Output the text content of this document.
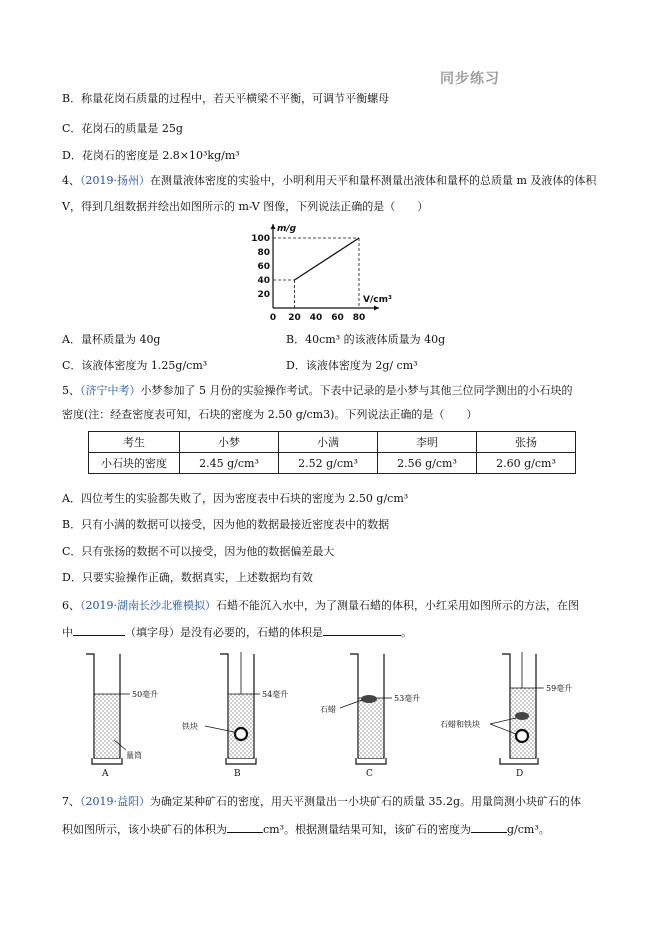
同步练习
B．称量花岗石质量的过程中，若天平横梁不平衡，可调节平衡螺母
C．花岗石的质量是 25g
D．花岗石的密度是 2.8×10³kg/m³
4、（2019·扬州）在测量液体密度的实验中，小明利用天平和量杯测量出液体和量杯的总质量 m 及液体的体积
V，得到几组数据并绘出如图所示的 m-V 图像，下列说法正确的是（　　）
m/g
V/cm³
0 20 40 60 80
20
40
60
80
100
A．量杯质量为 40g	B．40cm³ 的该液体质量为 40g
C．该液体密度为 1.25g/cm³	D．该液体密度为 2g/ cm³
5、（济宁中考）小梦参加了 5 月份的实验操作考试。下表中记录的是小梦与其他三位同学测出的小石块的
密度(注：经查密度表可知，石块的密度为 2.50 g/cm3)。下列说法正确的是（　　）
考生	小梦	小满	李明	张扬
小石块的密度	2.45 g/cm³	2.52 g/cm³	2.56 g/cm³	2.60 g/cm³
A．四位考生的实验都失败了，因为密度表中石块的密度为 2.50 g/cm³
B．只有小满的数据可以接受，因为他的数据最接近密度表中的数据
C．只有张扬的数据不可以接受，因为他的数据偏差最大
D．只要实验操作正确，数据真实，上述数据均有效
6、（2019·湖南长沙北雅模拟）石蜡不能沉入水中，为了测量石蜡的体积，小红采用如图所示的方法，在图
中	（填字母）是没有必要的，石蜡的体积是	。
50毫升
量筒
A
54毫升
铁块
B
53毫升
石蜡
C
59毫升
石蜡和铁块
D
7、（2019·益阳）为确定某种矿石的密度，用天平测量出一小块矿石的质量 35.2g。用量筒测小块矿石的体
积如图所示，该小块矿石的体积为	cm³。根据测量结果可知，该矿石的密度为	g/cm³。
